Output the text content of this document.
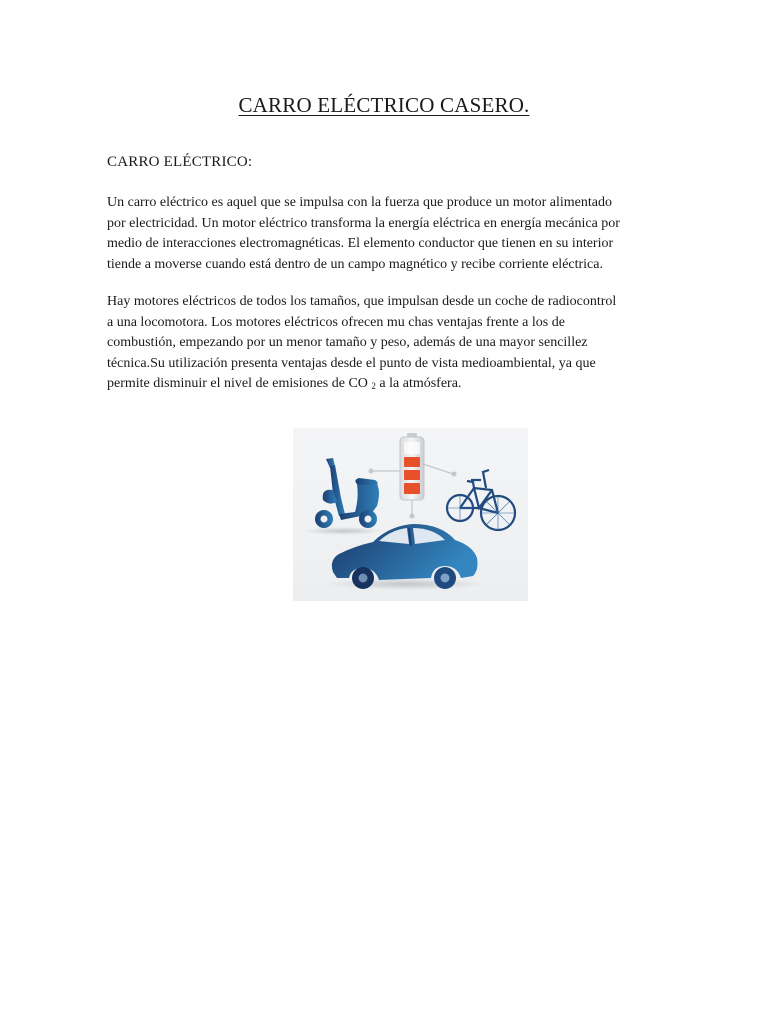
CARRO ELÉCTRICO CASERO.
CARRO ELÉCTRICO:

Un carro eléctrico es aquel que se impulsa con la fuerza que produce un motor alimentado
por electricidad. Un motor eléctrico transforma la energía eléctrica en energía mecánica por
medio de interacciones electromagnéticas. El elemento conductor que tienen en su interior
tiende a moverse cuando está dentro de un campo magnético y recibe corriente eléctrica.

Hay motores eléctricos de todos los tamaños, que impulsan desde un coche de radiocontrol
a una locomotora. Los motores eléctricos ofrecen mu chas ventajas frente a los de
combustión, empezando por un menor tamaño y peso, además de una mayor sencillez
técnica.Su utilización presenta ventajas desde el punto de vista medioambiental, ya que
permite disminuir el nivel de emisiones de CO $_2$ a la atmósfera.
